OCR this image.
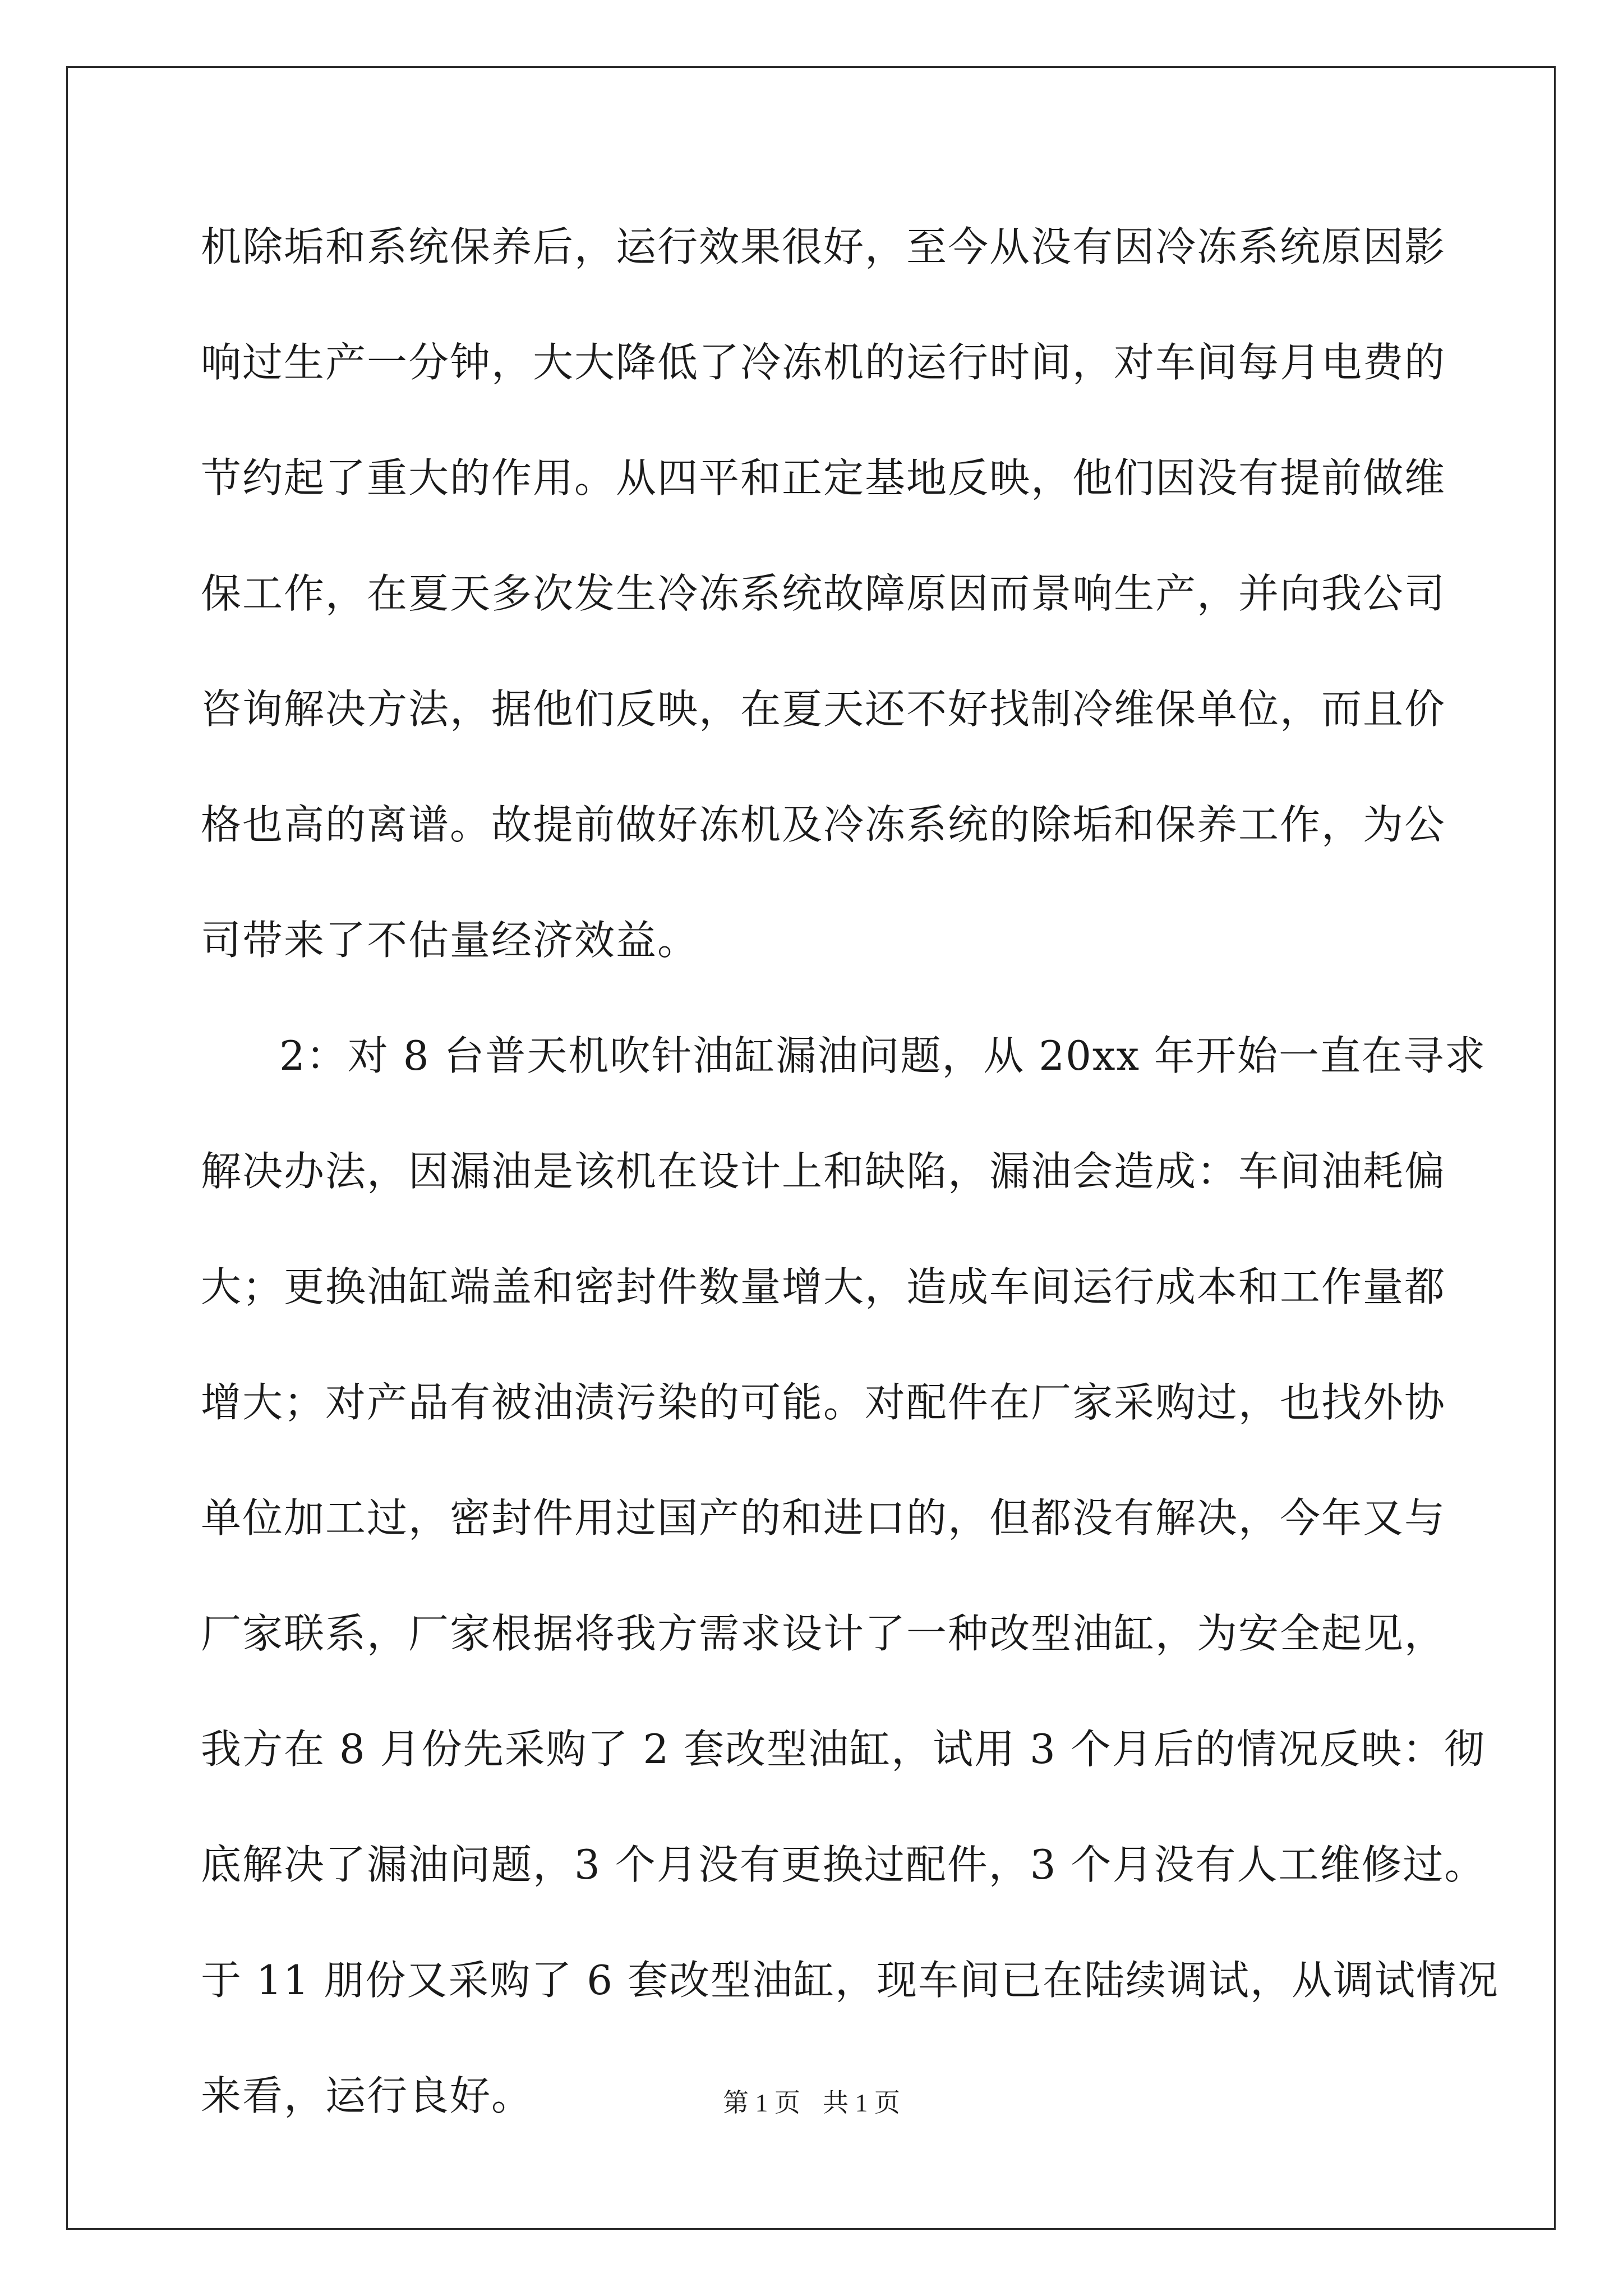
机除垢和系统保养后，运行效果很好，至今从没有因冷冻系统原因影
响过生产一分钟，大大降低了冷冻机的运行时间，对车间每月电费的
节约起了重大的作用。从四平和正定基地反映，他们因没有提前做维
保工作，在夏天多次发生冷冻系统故障原因而景响生产，并向我公司
咨询解决方法，据他们反映，在夏天还不好找制冷维保单位，而且价
格也高的离谱。故提前做好冻机及冷冻系统的除垢和保养工作，为公
司带来了不估量经济效益。
2：对 8 台普天机吹针油缸漏油问题，从 20xx 年开始一直在寻求
解决办法，因漏油是该机在设计上和缺陷，漏油会造成：车间油耗偏
大；更换油缸端盖和密封件数量增大，造成车间运行成本和工作量都
增大；对产品有被油渍污染的可能。对配件在厂家采购过，也找外协
单位加工过，密封件用过国产的和进口的，但都没有解决，今年又与
厂家联系，厂家根据将我方需求设计了一种改型油缸，为安全起见，
我方在 8 月份先采购了 2 套改型油缸，试用 3 个月后的情况反映：彻
底解决了漏油问题，3 个月没有更换过配件，3 个月没有人工维修过。
于 11 朋份又采购了 6 套改型油缸，现车间已在陆续调试，从调试情况
来看，运行良好。	第 1 页 共 1 页
